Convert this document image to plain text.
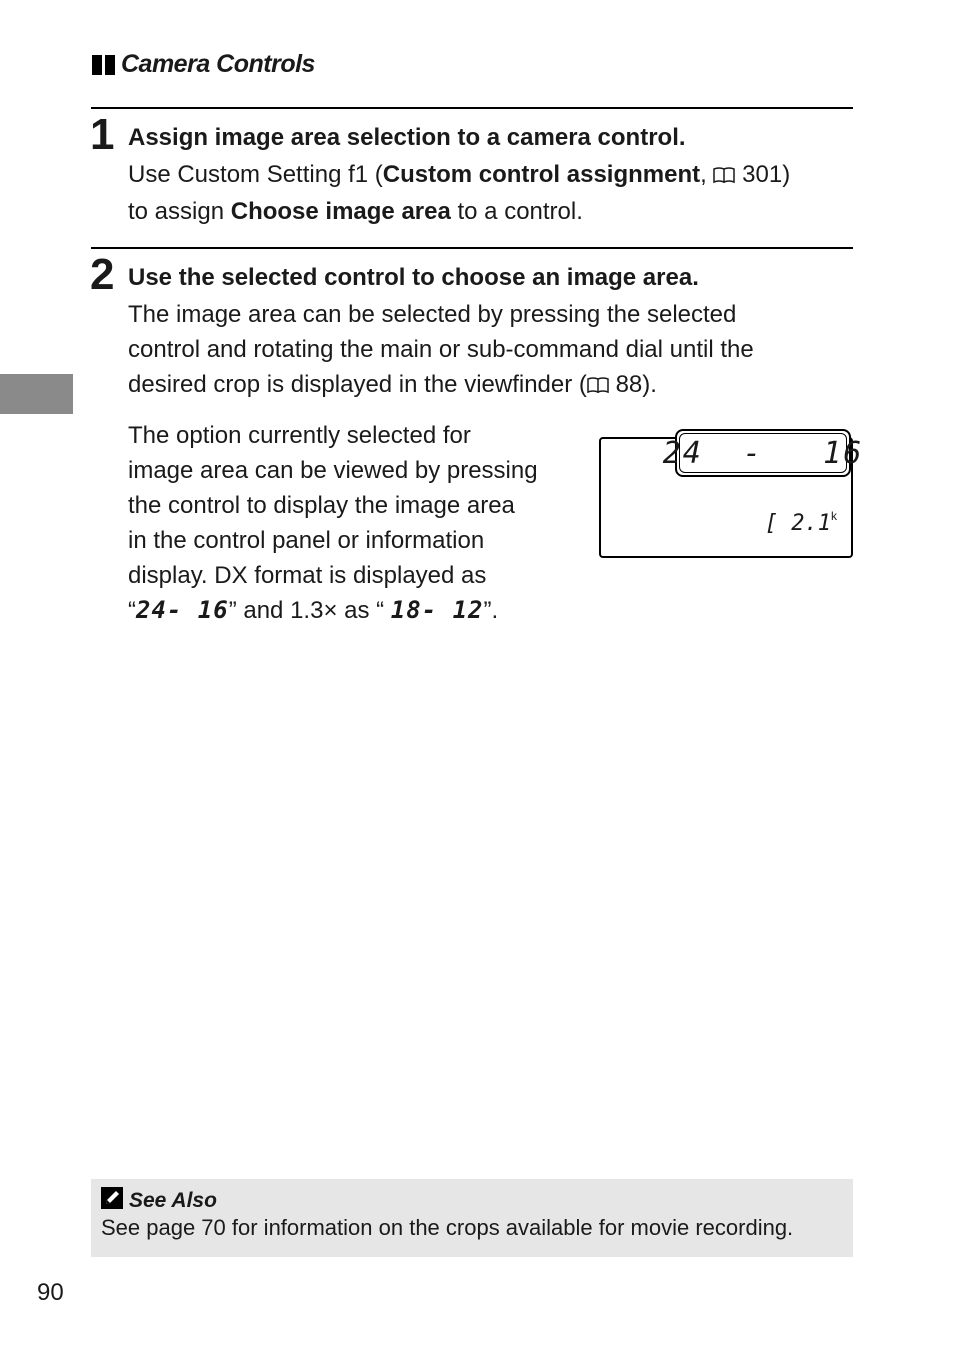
Camera Controls
1 Assign image area selection to a camera control.
Use Custom Setting f1 (Custom control assignment,  301)
to assign Choose image area to a control.
2 Use the selected control to choose an image area.
The image area can be selected by pressing the selected
control and rotating the main or sub-command dial until the
desired crop is displayed in the viewfinder ( 88).
The option currently selected for
image area can be viewed by pressing
the control to display the image area
in the control panel or information
display. DX format is displayed as
“24- 16” and 1.3× as “ 18- 12”.
24  -   16
[ 2.1$^k$
See Also
See page 70 for information on the crops available for movie recording.
90
